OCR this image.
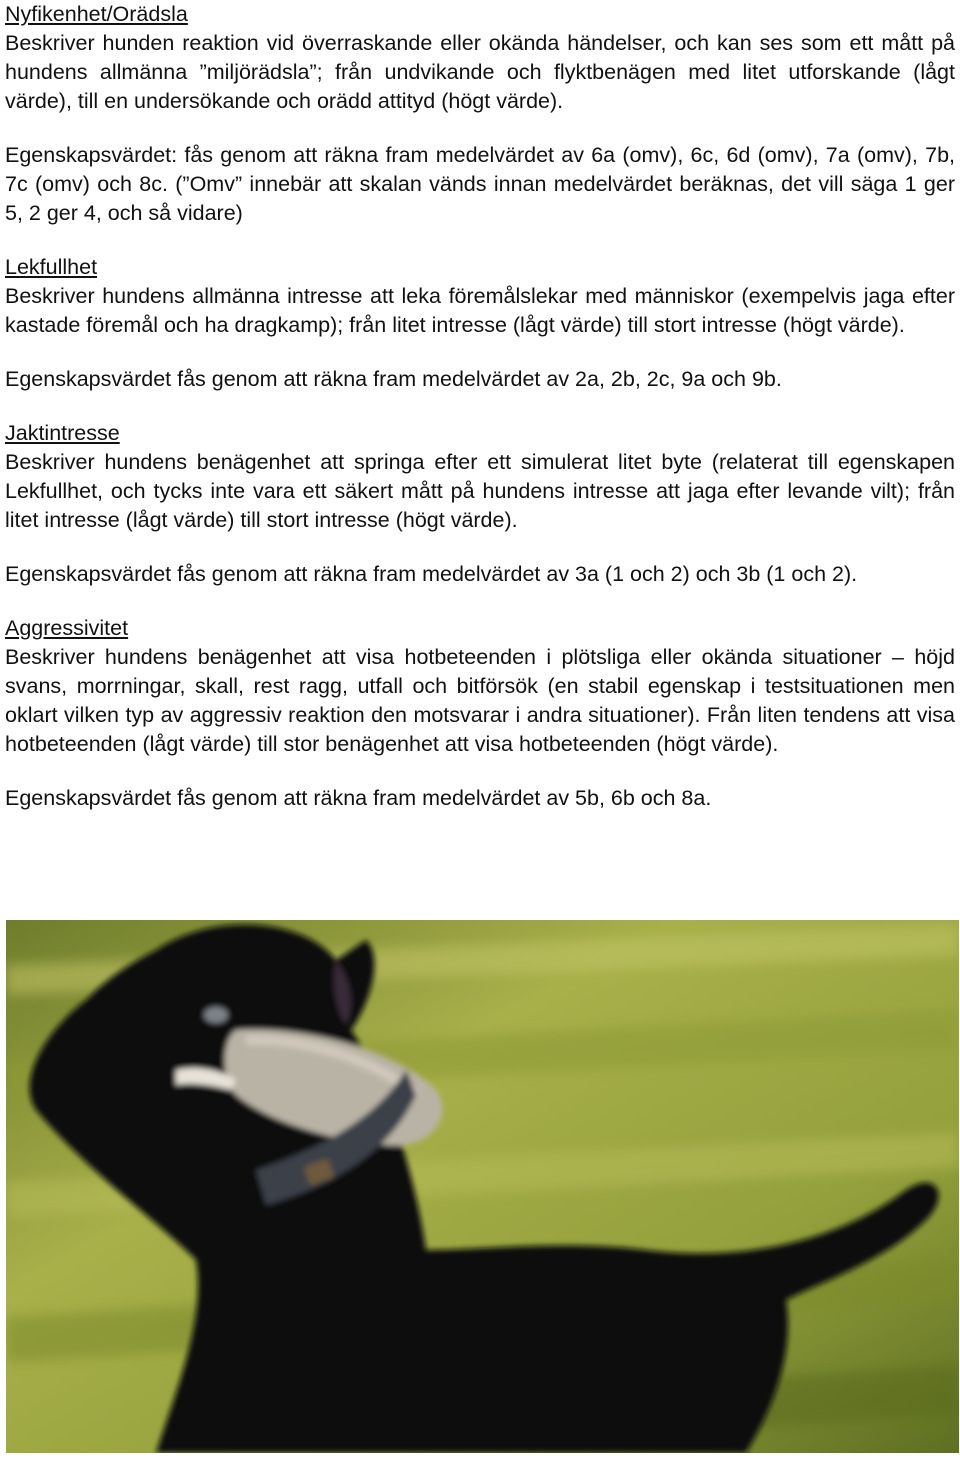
Nyfikenhet/Orädsla

Beskriver hunden reaktion vid överraskande eller okända händelser, och kan ses som ett mått på hundens allmänna ”miljörädsla”; från undvikande och flyktbenägen med litet utforskande (lågt värde), till en undersökande och orädd attityd (högt värde).

Egenskapsvärdet: fås genom att räkna fram medelvärdet av 6a (omv), 6c, 6d (omv), 7a (omv), 7b, 7c (omv) och 8c. (”Omv” innebär att skalan vänds innan medelvärdet beräknas, det vill säga 1 ger 5, 2 ger 4, och så vidare)

Lekfullhet

Beskriver hundens allmänna intresse att leka föremålslekar med människor (exempelvis jaga efter kastade föremål och ha dragkamp); från litet intresse (lågt värde) till stort intresse (högt värde).

Egenskapsvärdet fås genom att räkna fram medelvärdet av 2a, 2b, 2c, 9a och 9b.

Jaktintresse

Beskriver hundens benägenhet att springa efter ett simulerat litet byte (relaterat till egenskapen Lekfullhet, och tycks inte vara ett säkert mått på hundens intresse att jaga efter levande vilt); från litet intresse (lågt värde) till stort intresse (högt värde).

Egenskapsvärdet fås genom att räkna fram medelvärdet av 3a (1 och 2) och 3b (1 och 2).

Aggressivitet

Beskriver hundens benägenhet att visa hotbeteenden i plötsliga eller okända situationer – höjd svans, morrningar, skall, rest ragg, utfall och bitförsök (en stabil egenskap i testsituationen men oklart vilken typ av aggressiv reaktion den motsvarar i andra situationer). Från liten tendens att visa hotbeteenden (lågt värde) till stor benägenhet att visa hotbeteenden (högt värde).

Egenskapsvärdet fås genom att räkna fram medelvärdet av 5b, 6b och 8a.
